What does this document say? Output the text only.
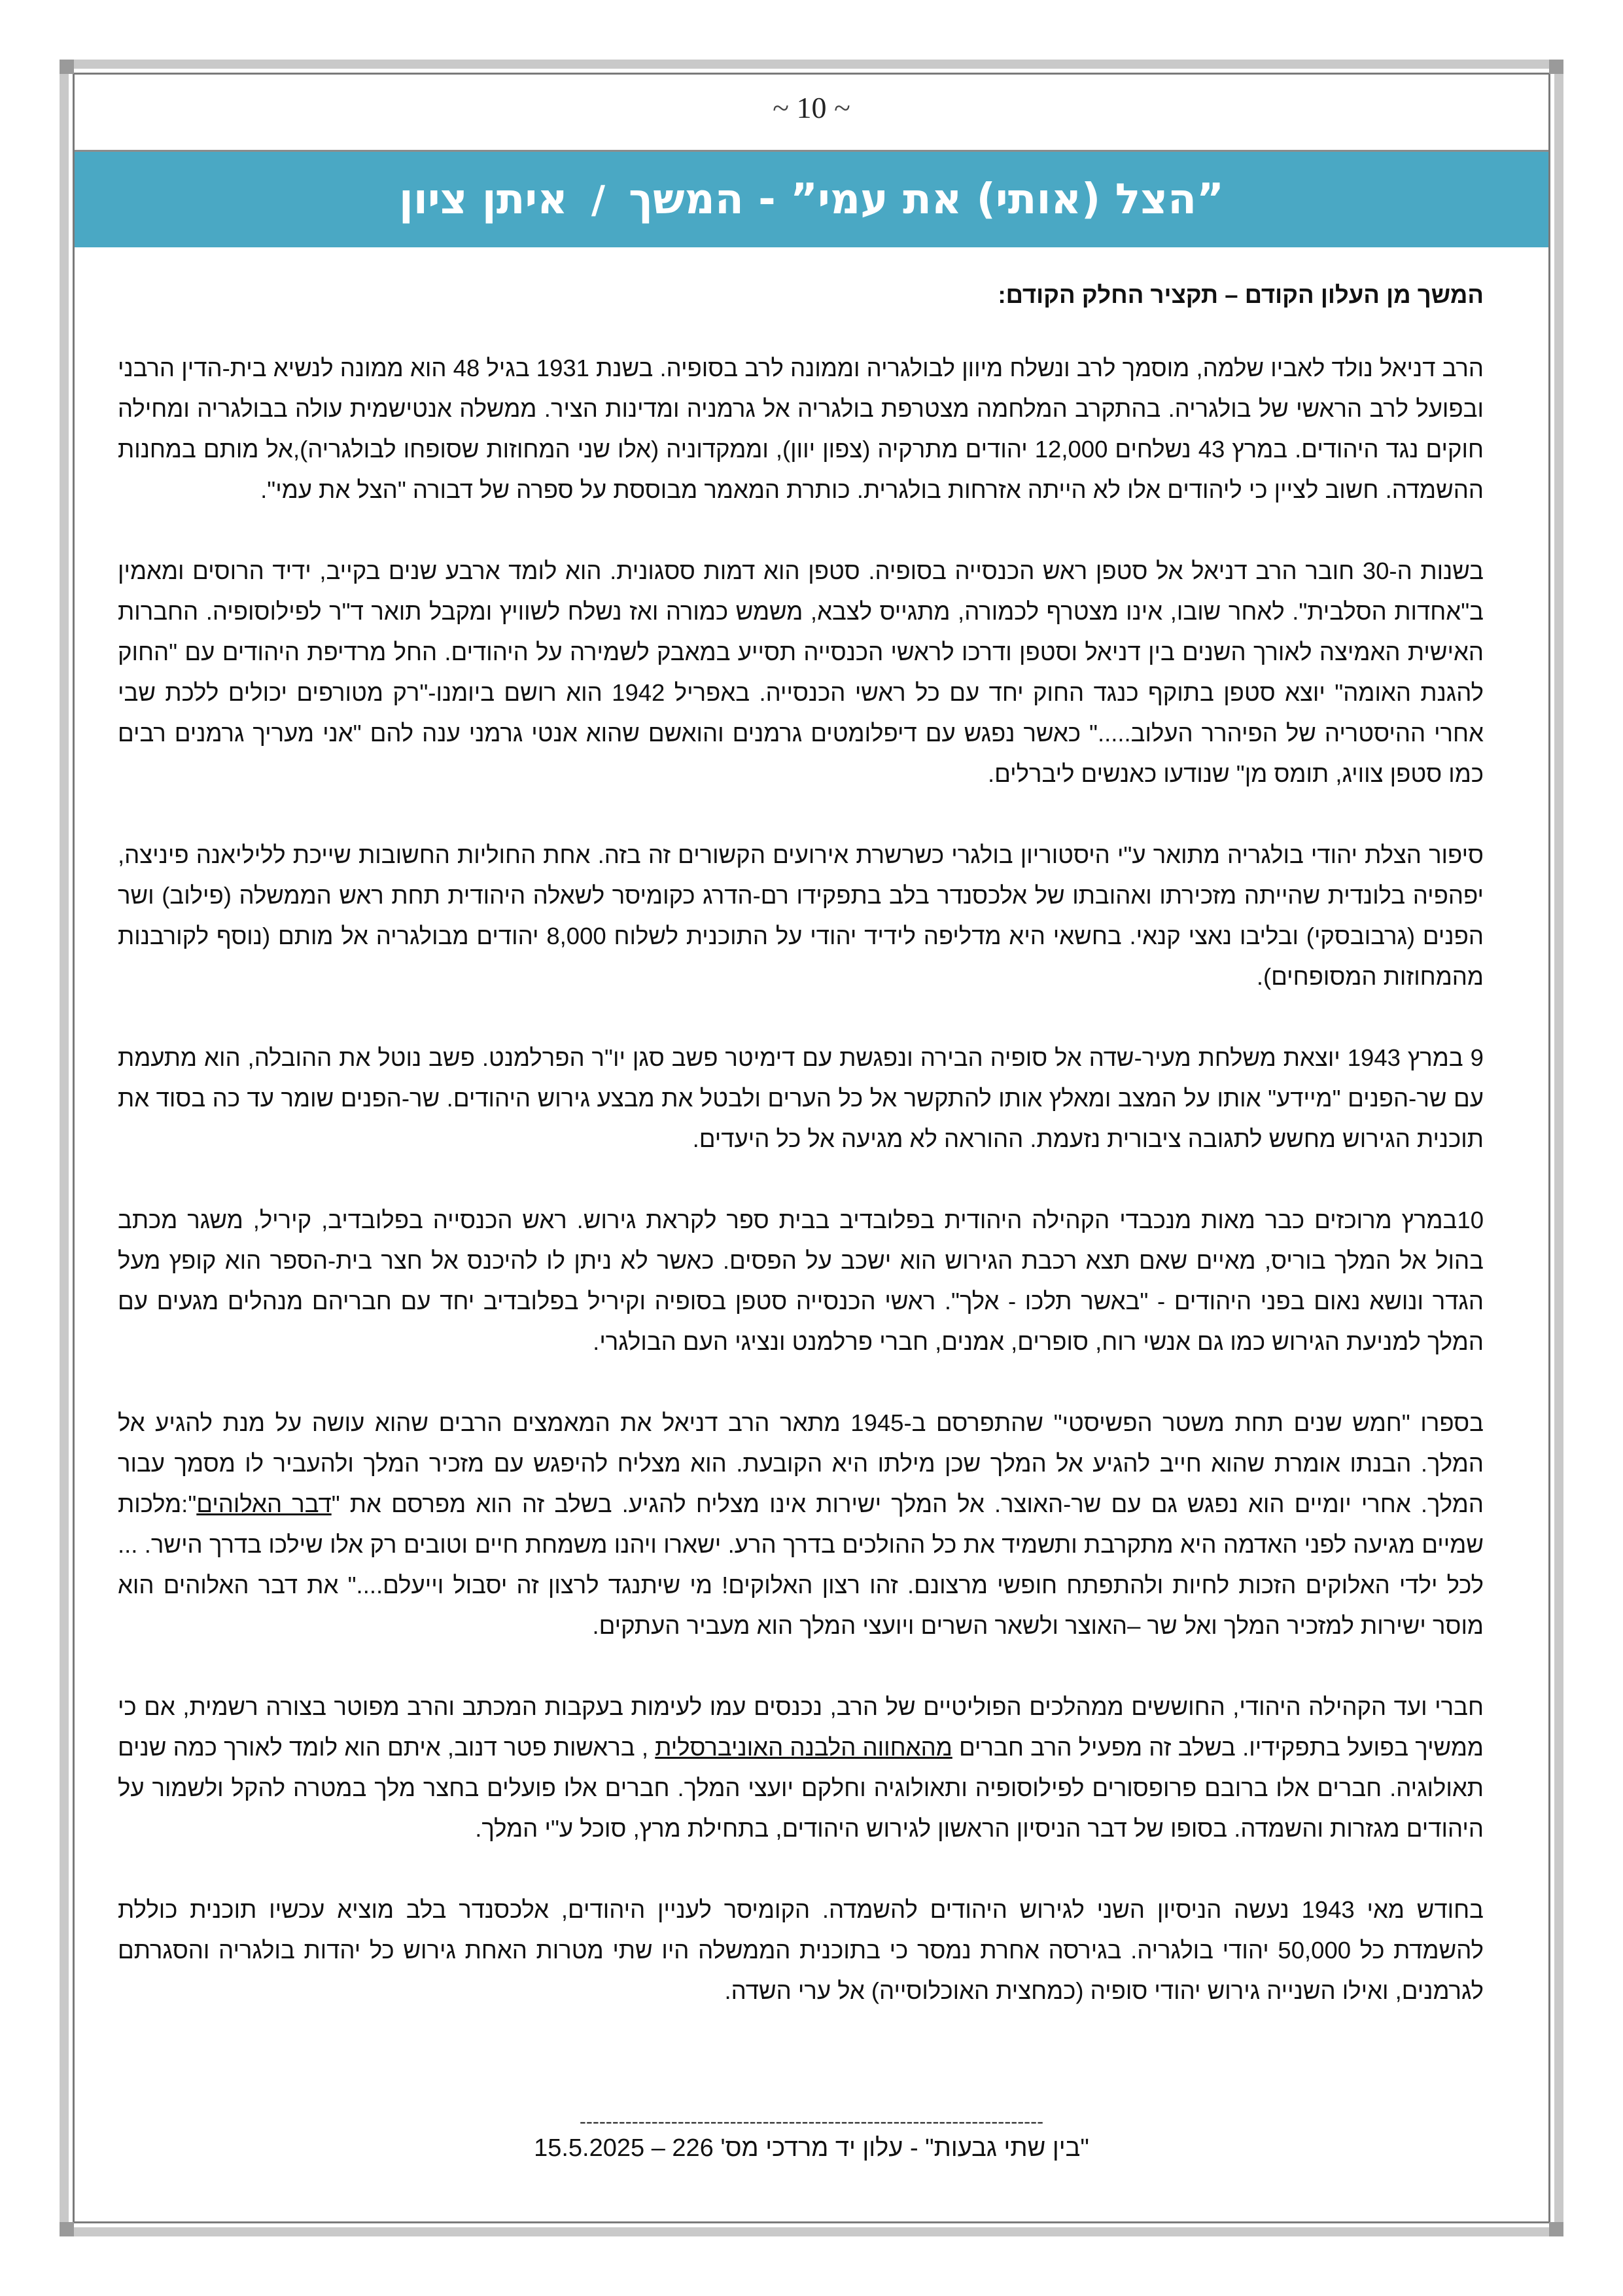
~ 10 ~
”הצל (אותי) את עמי” - המשך
/
איתן ציון

המשך מן העלון הקודם – תקציר החלק הקודם:

הרב דניאל נולד לאביו שלמה, מוסמך לרב ונשלח מיוון לבולגריה וממונה לרב בסופיה. בשנת 1931 בגיל 48 הוא ממונה לנשיא בית-הדין הרבני ובפועל לרב הראשי של בולגריה. בהתקרב המלחמה מצטרפת בולגריה אל גרמניה ומדינות הציר. ממשלה אנטישמית עולה בבולגריה ומחילה חוקים נגד היהודים. במרץ 43 נשלחים 12,000 יהודים מתרקיה (צפון יוון), וממקדוניה (אלו שני המחוזות שסופחו לבולגריה),אל מותם במחנות ההשמדה. חשוב לציין כי ליהודים אלו לא הייתה אזרחות בולגרית. כותרת המאמר מבוססת על ספרה של דבורה "הצל את עמי".

בשנות ה-30 חובר הרב דניאל אל סטפן ראש הכנסייה בסופיה. סטפן הוא דמות ססגונית. הוא לומד ארבע שנים בקייב, ידיד הרוסים ומאמין ב"אחדות הסלבית". לאחר שובו, אינו מצטרף לכמורה, מתגייס לצבא, משמש כמורה ואז נשלח לשוויץ ומקבל תואר ד"ר לפילוסופיה. החברות האישית האמיצה לאורך השנים בין דניאל וסטפן ודרכו לראשי הכנסייה תסייע במאבק לשמירה על היהודים. החל מרדיפת היהודים עם "החוק להגנת האומה" יוצא סטפן בתוקף כנגד החוק יחד עם כל ראשי הכנסייה. באפריל 1942 הוא רושם ביומנו-"רק מטורפים יכולים ללכת שבי אחרי ההיסטריה של הפיהרר העלוב....." כאשר נפגש עם דיפלומטים גרמנים והואשם שהוא אנטי גרמני ענה להם "אני מעריך גרמנים רבים כמו סטפן צוויג, תומס מן" שנודעו כאנשים ליברלים.

סיפור הצלת יהודי בולגריה מתואר ע"י היסטוריון בולגרי כשרשרת אירועים הקשורים זה בזה. אחת החוליות החשובות שייכת לליליאנה פיניצה, יפהפיה בלונדית שהייתה מזכירתו ואהובתו של אלכסנדר בלב בתפקידו רם-הדרג כקומיסר לשאלה היהודית תחת ראש הממשלה (פילוב) ושר הפנים (גרבובסקי) ובליבו נאצי קנאי. בחשאי היא מדליפה לידיד יהודי על התוכנית לשלוח 8,000 יהודים מבולגריה אל מותם (נוסף לקורבנות מהמחוזות המסופחים).

9 במרץ 1943 יוצאת משלחת מעיר-שדה אל סופיה הבירה ונפגשת עם דימיטר פשב סגן יו"ר הפרלמנט. פשב נוטל את ההובלה, הוא מתעמת עם שר-הפנים "מיידע" אותו על המצב ומאלץ אותו להתקשר אל כל הערים ולבטל את מבצע גירוש היהודים. שר-הפנים שומר עד כה בסוד את תוכנית הגירוש מחשש לתגובה ציבורית נזעמת. ההוראה לא מגיעה אל כל היעדים.

10במרץ מרוכזים כבר מאות מנכבדי הקהילה היהודית בפלובדיב בבית ספר לקראת גירוש. ראש הכנסייה בפלובדיב, קיריל, משגר מכתב בהול אל המלך בוריס, מאיים שאם תצא רכבת הגירוש הוא ישכב על הפסים. כאשר לא ניתן לו להיכנס אל חצר בית-הספר הוא קופץ מעל הגדר ונושא נאום בפני היהודים - "באשר תלכו - אלך". ראשי הכנסייה סטפן בסופיה וקיריל בפלובדיב יחד עם חבריהם מנהלים מגעים עם המלך למניעת הגירוש כמו גם אנשי רוח, סופרים, אמנים, חברי פרלמנט ונציגי העם הבולגרי.

בספרו "חמש שנים תחת משטר הפשיסטי" שהתפרסם ב-1945 מתאר הרב דניאל את המאמצים הרבים שהוא עושה על מנת להגיע אל המלך. הבנתו אומרת שהוא חייב להגיע אל המלך שכן מילתו היא הקובעת. הוא מצליח להיפגש עם מזכיר המלך ולהעביר לו מסמך עבור המלך. אחרי יומיים הוא נפגש גם עם שר-האוצר. אל המלך ישירות אינו מצליח להגיע. בשלב זה הוא מפרסם את "דבר האלוהים":מלכות שמיים מגיעה לפני האדמה היא מתקרבת ותשמיד את כל ההולכים בדרך הרע. ישארו ויהנו משמחת חיים וטובים רק אלו שילכו בדרך הישר. ... לכל ילדי האלוקים הזכות לחיות ולהתפתח חופשי מרצונם. זהו רצון האלוקים! מי שיתנגד לרצון זה יסבול וייעלם...." את דבר האלוהים הוא מוסר ישירות למזכיר המלך ואל שר –האוצר ולשאר השרים ויועצי המלך הוא מעביר העתקים.

חברי ועד הקהילה היהודי, החוששים ממהלכים הפוליטיים של הרב, נכנסים עמו לעימות בעקבות המכתב והרב מפוטר בצורה רשמית, אם כי ממשיך בפועל בתפקידיו. בשלב זה מפעיל הרב חברים מהאחווה הלבנה האוניברסלית , בראשות פטר דנוב, איתם הוא לומד לאורך כמה שנים תאולוגיה. חברים אלו ברובם פרופסורים לפילוסופיה ותאולוגיה וחלקם יועצי המלך. חברים אלו פועלים בחצר מלך במטרה להקל ולשמור על היהודים מגזרות והשמדה. בסופו של דבר הניסיון הראשון לגירוש היהודים, בתחילת מרץ, סוכל ע"י המלך.

בחודש מאי 1943 נעשה הניסיון השני לגירוש היהודים להשמדה. הקומיסר לעניין היהודים, אלכסנדר בלב מוציא עכשיו תוכנית כוללת להשמדת כל 50,000 יהודי בולגריה. בגירסה אחרת נמסר כי בתוכנית הממשלה היו שתי מטרות האחת גירוש כל יהדות בולגריה והסגרתם לגרמנים, ואילו השנייה גירוש יהודי סופיה (כמחצית האוכלוסייה) אל ערי השדה.

-----------------------------------------------------------------------
"בין שתי גבעות" - עלון יד מרדכי מס' 226 – 15.5.2025
